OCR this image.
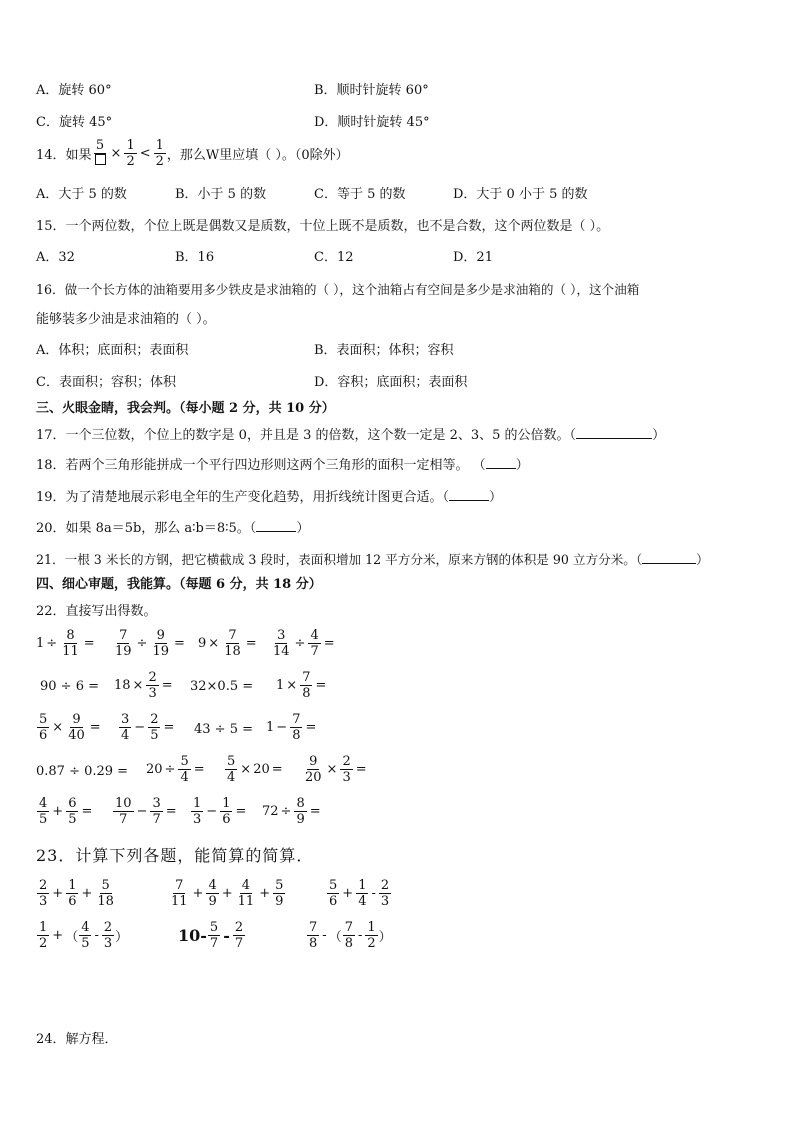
A．旋转 60°	B．顺时针旋转 60°
C．旋转 45°	D．顺时针旋转 45°
14．如果
5
× $\frac{1}{2} < \frac{1}{2}$ ，那么W里应填（ ）。（0除外）
A．大于 5 的数	B．小于 5 的数	C．等于 5 的数	D．大于 0 小于 5 的数
15．一个两位数，个位上既是偶数又是质数，十位上既不是质数，也不是合数，这个两位数是（ ）。
A．32	B．16	C．12	D．21
16．做一个长方体的油箱要用多少铁皮是求油箱的（ ），这个油箱占有空间是多少是求油箱的（ ），这个油箱
能够装多少油是求油箱的（ ）。
A．体积；底面积；表面积	B．表面积；体积；容积
C．表面积；容积；体积	D．容积；底面积；表面积
三、火眼金睛，我会判。（每小题 2 分，共 10 分）
17．一个三位数，个位上的数字是 0，并且是 3 的倍数，这个数一定是 2、3、5 的公倍数。（	）
18．若两个三角形能拼成一个平行四边形则这两个三角形的面积一定相等。 （ ）
19．为了清楚地展示彩电全年的生产变化趋势，用折线统计图更合适。（	）
20．如果 8a＝5b，那么 a∶b＝8∶5。（	）
21．一根 3 米长的方钢，把它横截成 3 段时，表面积增加 12 平方分米，原来方钢的体积是 90 立方分米。（	）
四、细心审题，我能算。（每题 6 分，共 18 分）
22．直接写出得数。
$1 \div \frac{8}{11} = \frac{7}{19} \div \frac{9}{19} = 9 \times \frac{7}{18} = \frac{3}{14} \div \frac{4}{7}$ =
$90 \div 6 = 18 \times \frac{2}{3} = 32\times 0.5 = 1 \times \frac{7}{8}$ =
$\frac{5}{6} \times \frac{9}{40} = \frac{3}{4} - \frac{2}{5} = 43 \div 5 = 1 - \frac{7}{8}$ =
$0.87 \div 0.29 = 20 \div \frac{5}{4} = \frac{5}{4} \times 20 = \frac{9}{20} \times \frac{2}{3}$ =
$\frac{4}{5} + \frac{6}{5} = \frac{10}{7} - \frac{3}{7} = \frac{1}{3} - \frac{1}{6} = 72 \div \frac{8}{9}$ =
23．计算下列各题，能简算的简算．
$\frac{2}{3} + \frac{1}{6} + \frac{5}{18}$	$\frac{7}{11} + \frac{4}{9} + \frac{4}{11} + \frac{5}{9}$	$\frac{5}{6} + \frac{1}{4} - \frac{2}{3}$
$\frac{1}{2}$ + （ $\frac{4}{5} - \frac{2}{3}$ ）	$10- \frac{5}{7} - \frac{2}{7}$	$\frac{7}{8}$ - （ $\frac{7}{8} - \frac{1}{2}$ ）
24．解方程．
